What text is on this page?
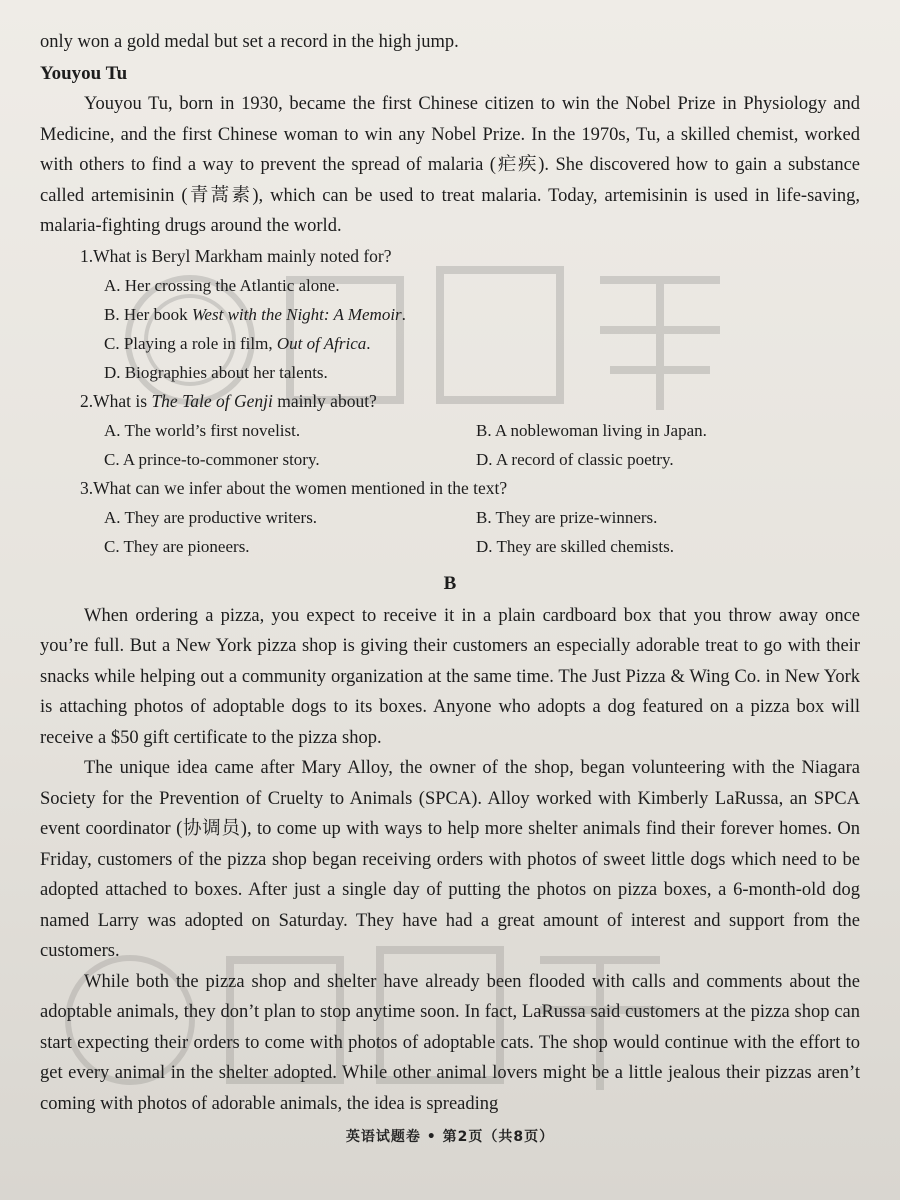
only won a gold medal but set a record in the high jump.
Youyou Tu
Youyou Tu, born in 1930, became the first Chinese citizen to win the Nobel Prize in Physiology and Medicine, and the first Chinese woman to win any Nobel Prize. In the 1970s, Tu, a skilled chemist, worked with others to find a way to prevent the spread of malaria (疟疾). She discovered how to gain a substance called artemisinin (青蒿素), which can be used to treat malaria. Today, artemisinin is used in life-saving, malaria-fighting drugs around the world.
1.What is Beryl Markham mainly noted for?
A. Her crossing the Atlantic alone.
B. Her book West with the Night: A Memoir.
C. Playing a role in film, Out of Africa.
D. Biographies about her talents.
2.What is The Tale of Genji mainly about?
A. The world’s first novelist.	B. A noblewoman living in Japan.
C. A prince-to-commoner story.	D. A record of classic poetry.
3.What can we infer about the women mentioned in the text?
A. They are productive writers.	B. They are prize-winners.
C. They are pioneers.	D. They are skilled chemists.
B
When ordering a pizza, you expect to receive it in a plain cardboard box that you throw away once you’re full. But a New York pizza shop is giving their customers an especially adorable treat to go with their snacks while helping out a community organization at the same time. The Just Pizza & Wing Co. in New York is attaching photos of adoptable dogs to its boxes. Anyone who adopts a dog featured on a pizza box will receive a $50 gift certificate to the pizza shop.
The unique idea came after Mary Alloy, the owner of the shop, began volunteering with the Niagara Society for the Prevention of Cruelty to Animals (SPCA). Alloy worked with Kimberly LaRussa, an SPCA event coordinator (协调员), to come up with ways to help more shelter animals find their forever homes. On Friday, customers of the pizza shop began receiving orders with photos of sweet little dogs which need to be adopted attached to boxes. After just a single day of putting the photos on pizza boxes, a 6-month-old dog named Larry was adopted on Saturday. They have had a great amount of interest and support from the customers.
While both the pizza shop and shelter have already been flooded with calls and comments about the adoptable animals, they don’t plan to stop anytime soon. In fact, LaRussa said customers at the pizza shop can start expecting their orders to come with photos of adoptable cats. The shop would continue with the effort to get every animal in the shelter adopted. While other animal lovers might be a little jealous their pizzas aren’t coming with photos of adorable animals, the idea is spreading
英语试题卷 • 第2页（共8页）
